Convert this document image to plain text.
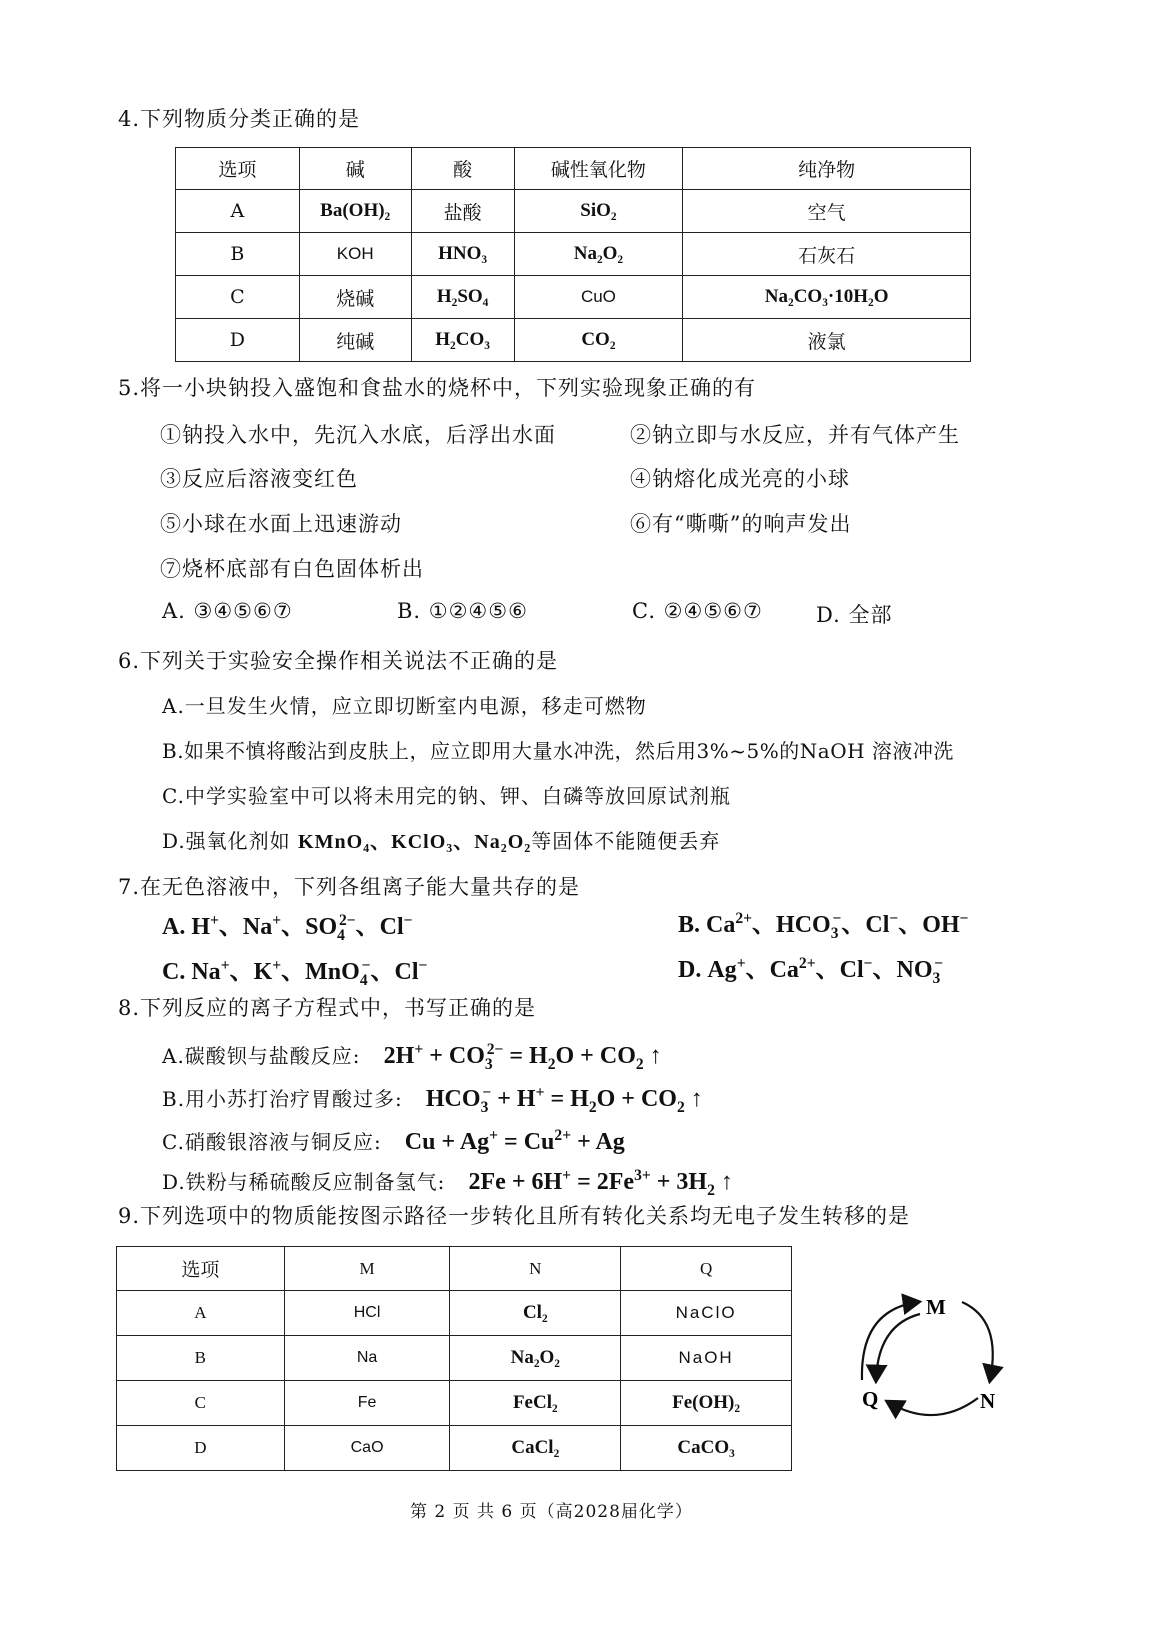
4.下列物质分类正确的是
选项	碱	酸	碱性氧化物	纯净物
A	Ba(OH)₂	盐酸	SiO₂	空气
B	KOH	HNO₃	Na₂O₂	石灰石
C	烧碱	H₂SO₄	CuO	Na₂CO₃·10H₂O
D	纯碱	H₂CO₃	CO₂	液氯
5.将一小块钠投入盛饱和食盐水的烧杯中，下列实验现象正确的有
①钠投入水中，先沉入水底，后浮出水面	②钠立即与水反应，并有气体产生
③反应后溶液变红色	④钠熔化成光亮的小球
⑤小球在水面上迅速游动	⑥有“嘶嘶”的响声发出
⑦烧杯底部有白色固体析出
A. ③④⑤⑥⑦	B. ①②④⑤⑥	C. ②④⑤⑥⑦	D. 全部
6.下列关于实验安全操作相关说法不正确的是
A.一旦发生火情，应立即切断室内电源，移走可燃物
B.如果不慎将酸沾到皮肤上，应立即用大量水冲洗，然后用3%~5%的NaOH 溶液冲洗
C.中学实验室中可以将未用完的钠、钾、白磷等放回原试剂瓶
D.强氧化剂如 KMnO₄、KClO₃、Na₂O₂等固体不能随便丢弃
7.在无色溶液中，下列各组离子能大量共存的是
A. H+、Na+、$SO_4^{2-}$、Cl−	B. $Ca^{2+}$、$HCO_3^-$、Cl−、OH−
C. Na+、K+、MnO$_4$−、Cl−	D. Ag+、$Ca^{2+}$、Cl−、$NO_3^-$
8.下列反应的离子方程式中，书写正确的是
A.碳酸钡与盐酸反应: $2H^+ + CO_3^{2-} = H_2O + CO_2$ ↑
B.用小苏打治疗胃酸过多: $HCO_3^- + H^+ = H_2O + CO_2$ ↑
C.硝酸银溶液与铜反应: $Cu + Ag^+ = Cu^{2+} + Ag$
D.铁粉与稀硫酸反应制备氢气: $2Fe + 6H^+ = 2Fe^{3+} + 3H_2$ ↑
9.下列选项中的物质能按图示路径一步转化且所有转化关系均无电子发生转移的是
选项	M	N	Q
A	HCl	Cl₂	NaClO
B	Na	Na₂O₂	NaOH
C	Fe	FeCl₂	Fe(OH)₂
D	CaO	CaCl₂	CaCO₃
M
N
Q
第 2 页 共 6 页（高2028届化学）
